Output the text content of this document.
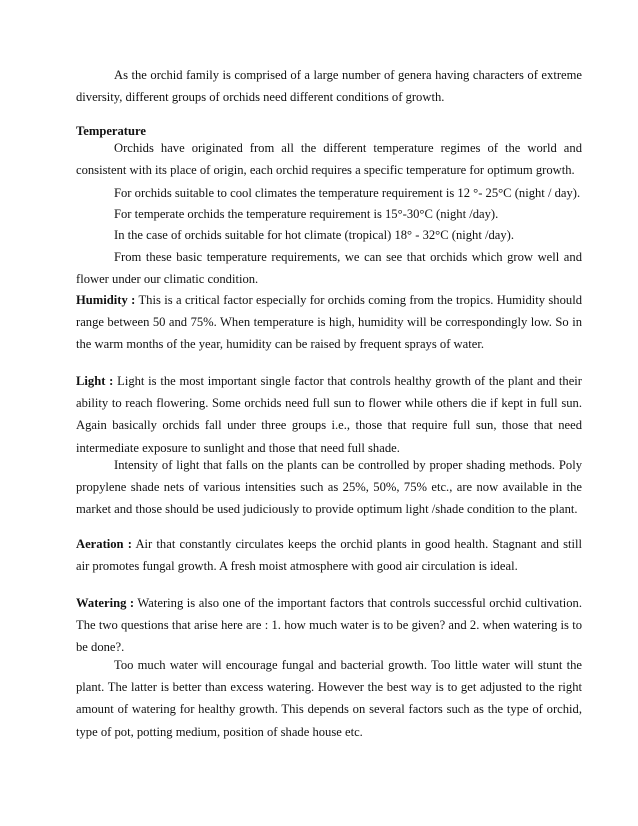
As the orchid family is comprised of a large number of genera having characters of extreme diversity, different groups of orchids need different conditions of growth.

Temperature

Orchids have originated from all the different temperature regimes of the world and consistent with its place of origin, each orchid requires a specific temperature for optimum growth.

For orchids suitable to cool climates the temperature requirement is 12 °- 25°C (night / day).

For temperate orchids the temperature requirement is 15°-30°C (night /day).

In the case of orchids suitable for hot climate (tropical) 18° - 32°C (night /day).

From these basic temperature requirements, we can see that orchids which grow well and flower under our climatic condition.

Humidity : This is a critical factor especially for orchids coming from the tropics. Humidity should range between 50 and 75%. When temperature is high, humidity will be correspondingly low. So in the warm months of the year, humidity can be raised by frequent sprays of water.

Light : Light is the most important single factor that controls healthy growth of the plant and their ability to reach flowering. Some orchids need full sun to flower while others die if kept in full sun. Again basically orchids fall under three groups i.e., those that require full sun, those that need intermediate exposure to sunlight and those that need full shade.

Intensity of light that falls on the plants can be controlled by proper shading methods. Poly propylene shade nets of various intensities such as 25%, 50%, 75% etc., are now available in the market and those should be used judiciously to provide optimum light /shade condition to the plant.

Aeration : Air that constantly circulates keeps the orchid plants in good health. Stagnant and still air promotes fungal growth. A fresh moist atmosphere with good air circulation is ideal.

Watering : Watering is also one of the important factors that controls successful orchid cultivation. The two questions that arise here are : 1. how much water is to be given? and 2. when watering is to be done?.

Too much water will encourage fungal and bacterial growth. Too little water will stunt the plant. The latter is better than excess watering. However the best way is to get adjusted to the right amount of watering for healthy growth. This depends on several factors such as the type of orchid, type of pot, potting medium, position of shade house etc.
